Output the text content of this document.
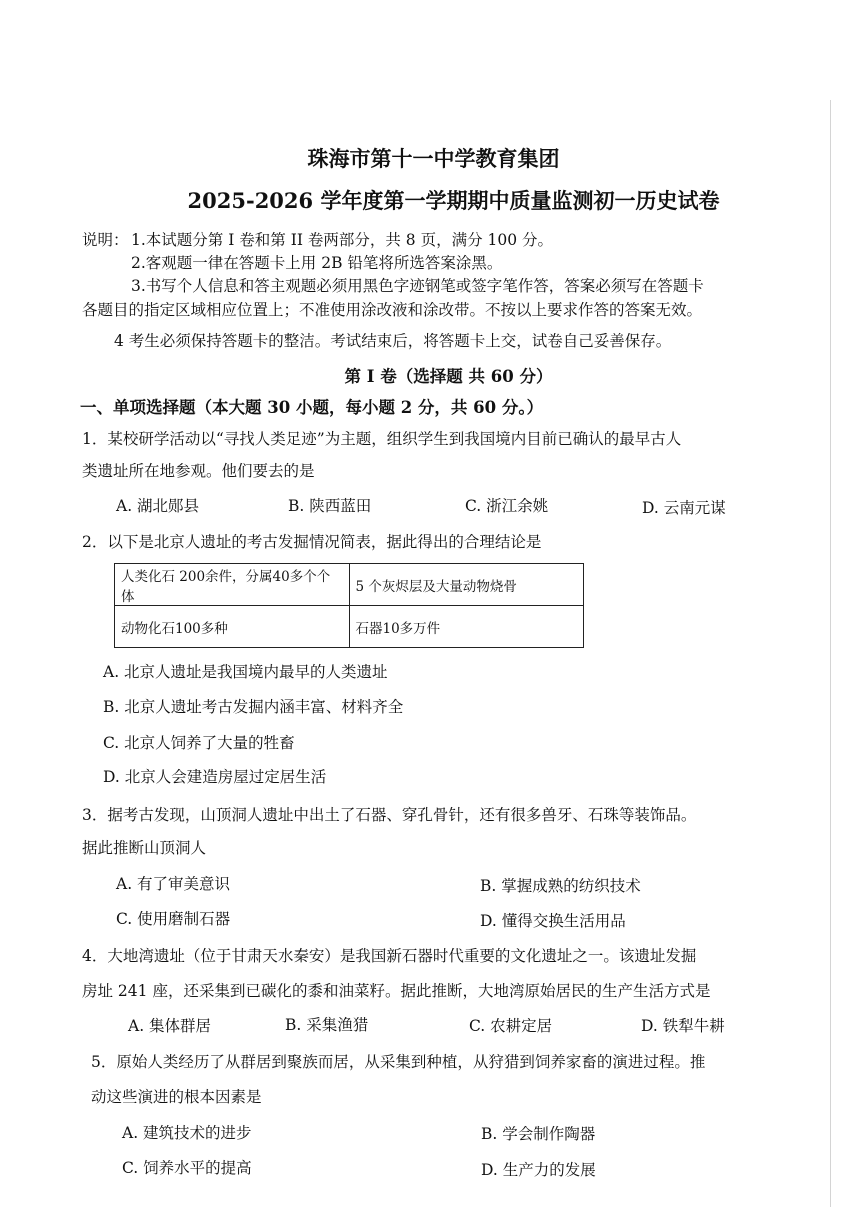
珠海市第十一中学教育集团
2025-2026 学年度第一学期期中质量监测初一历史试卷
说明： 1.本试题分第 I 卷和第 II 卷两部分，共 8 页，满分 100 分。
2.客观题一律在答题卡上用 2B 铅笔将所选答案涂黑。
3.书写个人信息和答主观题必须用黑色字迹钢笔或签字笔作答，答案必须写在答题卡
各题目的指定区域相应位置上；不准使用涂改液和涂改带。不按以上要求作答的答案无效。
4 考生必须保持答题卡的整洁。考试结束后，将答题卡上交，试卷自己妥善保存。
第 I 卷（选择题 共 60 分）
一、单项选择题（本大题 30 小题，每小题 2 分，共 60 分。）
1．某校研学活动以“寻找人类足迹”为主题，组织学生到我国境内目前已确认的最早古人
类遗址所在地参观。他们要去的是
A. 湖北郧县	B. 陕西蓝田	C. 浙江余姚	D. 云南元谋
2．以下是北京人遗址的考古发掘情况简表，据此得出的合理结论是
人类化石 200余件，分属40多个个体	5 个灰烬层及大量动物烧骨
动物化石100多种	石器10多万件
A. 北京人遗址是我国境内最早的人类遗址
B. 北京人遗址考古发掘内涵丰富、材料齐全
C. 北京人饲养了大量的牲畜
D. 北京人会建造房屋过定居生活
3．据考古发现，山顶洞人遗址中出土了石器、穿孔骨针，还有很多兽牙、石珠等装饰品。
据此推断山顶洞人
A. 有了审美意识	B. 掌握成熟的纺织技术
C. 使用磨制石器	D. 懂得交换生活用品
4．大地湾遗址（位于甘肃天水秦安）是我国新石器时代重要的文化遗址之一。该遗址发掘
房址 241 座，还采集到已碳化的黍和油菜籽。据此推断，大地湾原始居民的生产生活方式是
A. 集体群居	B. 采集渔猎	C. 农耕定居	D. 铁犁牛耕
5．原始人类经历了从群居到聚族而居，从采集到种植，从狩猎到饲养家畜的演进过程。推
动这些演进的根本因素是
A. 建筑技术的进步	B. 学会制作陶器
C. 饲养水平的提高	D. 生产力的发展
